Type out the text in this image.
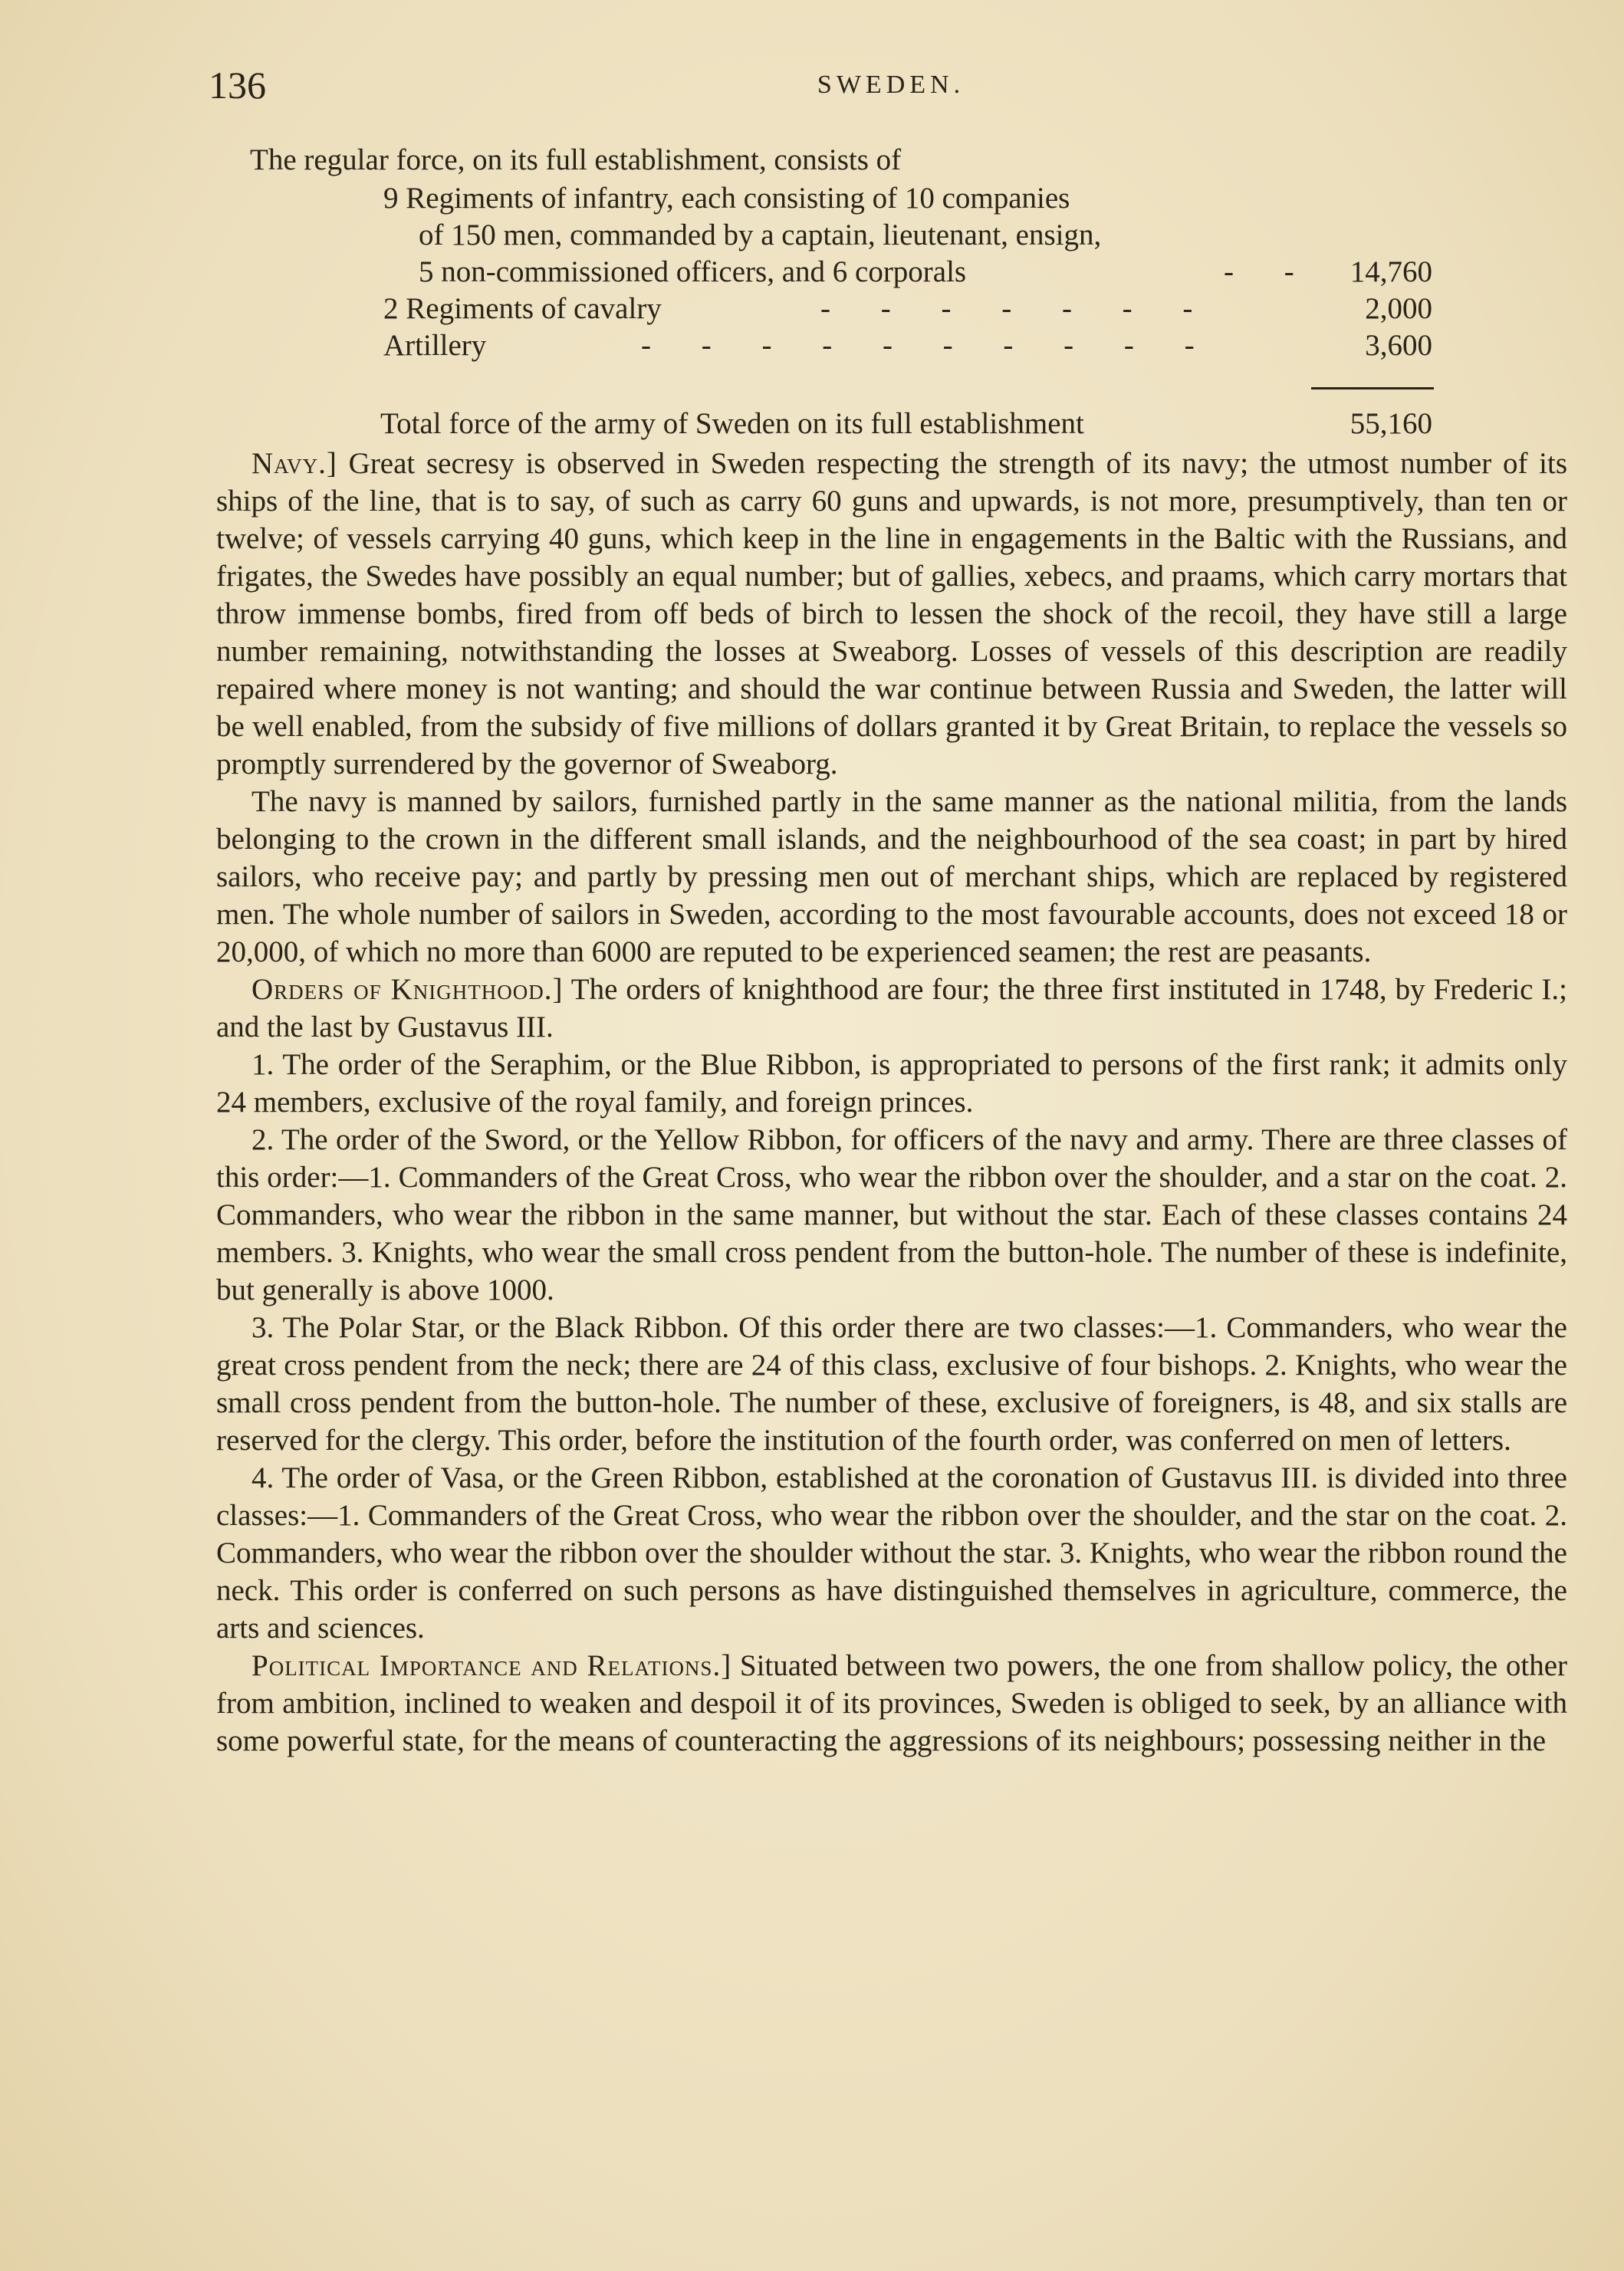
136	SWEDEN.
The regular force, on its full establishment, consists of
9 Regiments of infantry, each consisting of 10 companies
of 150 men, commanded by a captain, lieutenant, ensign,
5 non-commissioned officers, and 6 corporals	- -	14,760
2 Regiments of cavalry	- - - - - - -	2,000
Artillery	- - - - - - - - - -	3,600
Total force of the army of Sweden on its full establishment	55,160

Navy.] Great secresy is observed in Sweden respecting the strength of its navy; the utmost number of its ships of the line, that is to say, of such as carry 60 guns and upwards, is not more, presumptively, than ten or twelve; of vessels carrying 40 guns, which keep in the line in engagements in the Baltic with the Russians, and frigates, the Swedes have possibly an equal number; but of gallies, xebecs, and praams, which carry mortars that throw immense bombs, fired from off beds of birch to lessen the shock of the recoil, they have still a large number remaining, notwithstanding the losses at Sweaborg. Losses of vessels of this description are readily repaired where money is not wanting; and should the war continue between Russia and Sweden, the latter will be well enabled, from the subsidy of five millions of dollars granted it by Great Britain, to replace the vessels so promptly surrendered by the governor of Sweaborg.

The navy is manned by sailors, furnished partly in the same manner as the national militia, from the lands belonging to the crown in the different small islands, and the neighbourhood of the sea coast; in part by hired sailors, who receive pay; and partly by pressing men out of merchant ships, which are replaced by registered men. The whole number of sailors in Sweden, according to the most favourable accounts, does not exceed 18 or 20,000, of which no more than 6000 are reputed to be experienced seamen; the rest are peasants.

Orders of Knighthood.] The orders of knighthood are four; the three first instituted in 1748, by Frederic I.; and the last by Gustavus III.

1. The order of the Seraphim, or the Blue Ribbon, is appropriated to persons of the first rank; it admits only 24 members, exclusive of the royal family, and foreign princes.

2. The order of the Sword, or the Yellow Ribbon, for officers of the navy and army. There are three classes of this order:—1. Commanders of the Great Cross, who wear the ribbon over the shoulder, and a star on the coat. 2. Commanders, who wear the ribbon in the same manner, but without the star. Each of these classes contains 24 members. 3. Knights, who wear the small cross pendent from the button-hole. The number of these is indefinite, but generally is above 1000.

3. The Polar Star, or the Black Ribbon. Of this order there are two classes:—1. Commanders, who wear the great cross pendent from the neck; there are 24 of this class, exclusive of four bishops. 2. Knights, who wear the small cross pendent from the button-hole. The number of these, exclusive of foreigners, is 48, and six stalls are reserved for the clergy. This order, before the institution of the fourth order, was conferred on men of letters.

4. The order of Vasa, or the Green Ribbon, established at the coronation of Gustavus III. is divided into three classes:—1. Commanders of the Great Cross, who wear the ribbon over the shoulder, and the star on the coat. 2. Commanders, who wear the ribbon over the shoulder without the star. 3. Knights, who wear the ribbon round the neck. This order is conferred on such persons as have distinguished themselves in agriculture, commerce, the arts and sciences.

Political Importance and Relations.] Situated between two powers, the one from shallow policy, the other from ambition, inclined to weaken and despoil it of its provinces, Sweden is obliged to seek, by an alliance with some powerful state, for the means of counteracting the aggressions of its neighbours; possessing neither in the
